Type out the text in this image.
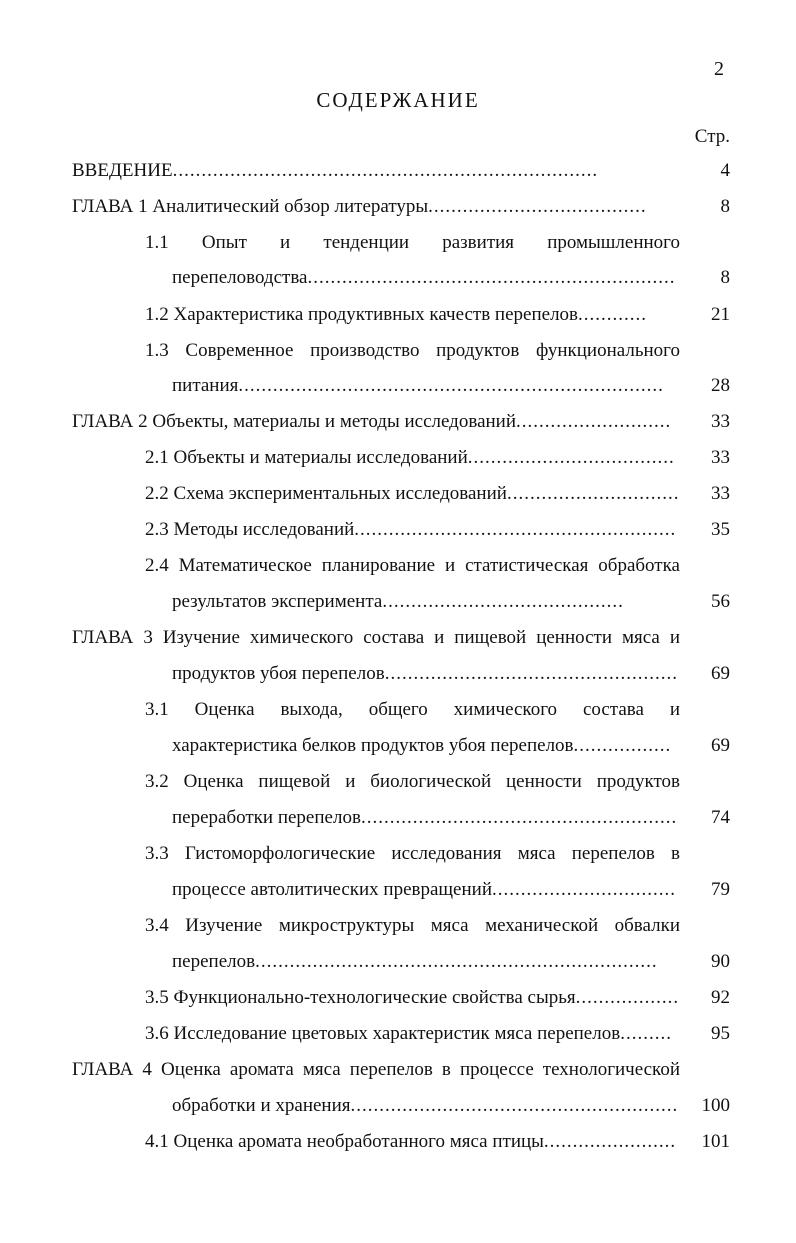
2
СОДЕРЖАНИЕ
Стр.
ВВЕДЕНИЕ..........................................................................	4
ГЛАВА 1 Аналитический обзор литературы......................................	8
1.1 Опыт и тенденции развития промышленного
перепеловодства................................................................ 8
1.2 Характеристика продуктивных качеств перепелов............	21
1.3 Современное производство продуктов функционального
питания.......................................................................... 28
ГЛАВА 2 Объекты, материалы и методы исследований........................... 33
2.1 Объекты и материалы исследований.................................... 33
2.2 Схема экспериментальных исследований.............................. 33
2.3 Методы исследований........................................................ 35
2.4 Математическое планирование и статистическая обработка
результатов эксперимента..........................................	56
ГЛАВА 3 Изучение химического состава и пищевой ценности мяса и
продуктов убоя перепелов................................................... 69
3.1 Оценка выхода, общего химического состава и
характеристика белков продуктов убоя перепелов................. 69
3.2 Оценка пищевой и биологической ценности продуктов
переработки перепелов....................................................... 74
3.3 Гистоморфологические исследования мяса перепелов в
процессе автолитических превращений................................ 79
3.4 Изучение микроструктуры мяса механической обвалки
перепелов......................................................................	90
3.5 Функционально-технологические свойства сырья.................. 92
3.6 Исследование цветовых характеристик мяса перепелов......... 95
ГЛАВА 4 Оценка аромата мяса перепелов в процессе технологической
обработки и хранения......................................................... 100
4.1 Оценка аромата необработанного мяса птицы....................... 101
